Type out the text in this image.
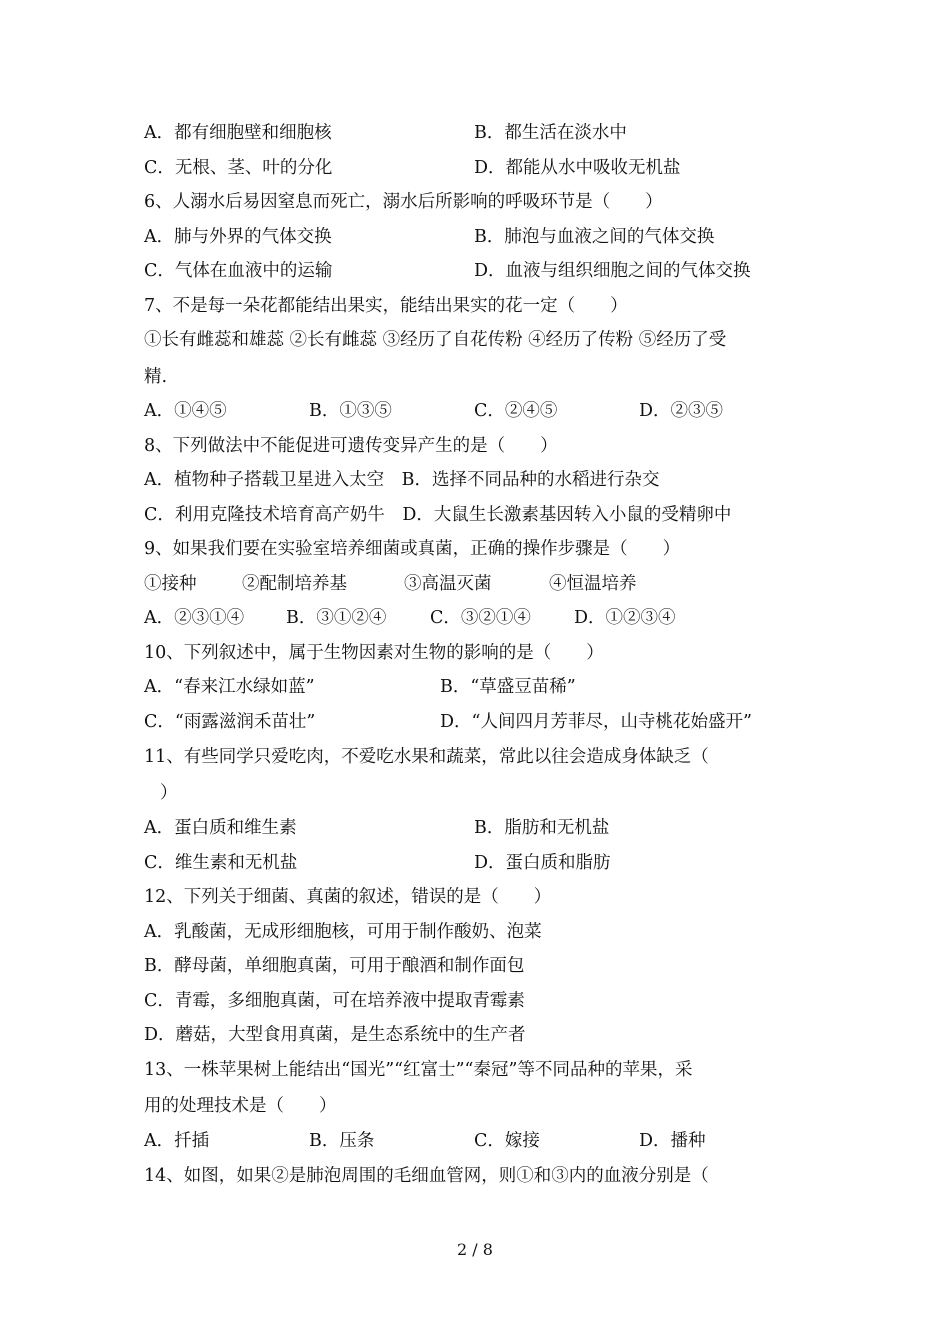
A．都有细胞壁和细胞核	B．都生活在淡水中
C．无根、茎、叶的分化	D．都能从水中吸收无机盐
6、人溺水后易因窒息而死亡，溺水后所影响的呼吸环节是（　　）
A．肺与外界的气体交换	B．肺泡与血液之间的气体交换
C．气体在血液中的运输	D．血液与组织细胞之间的气体交换
7、不是每一朵花都能结出果实，能结出果实的花一定（　　）
①长有雌蕊和雄蕊 ②长有雌蕊 ③经历了自花传粉 ④经历了传粉 ⑤经历了受
精.
A．①④⑤	B．①③⑤	C．②④⑤	D．②③⑤
8、下列做法中不能促进可遗传变异产生的是（　　）
A．植物种子搭载卫星进入太空　B．选择不同品种的水稻进行杂交
C．利用克隆技术培育高产奶牛　D．大鼠生长激素基因转入小鼠的受精卵中
9、如果我们要在实验室培养细菌或真菌，正确的操作步骤是（　　）
①接种	②配制培养基	③高温灭菌	④恒温培养
A．②③①④ B．③①②④ C．③②①④ D．①②③④
10、下列叙述中，属于生物因素对生物的影响的是（　　）
A．“春来江水绿如蓝”	B．“草盛豆苗稀”
C．“雨露滋润禾苗壮”	D．“人间四月芳菲尽，山寺桃花始盛开”
11、有些同学只爱吃肉，不爱吃水果和蔬菜，常此以往会造成身体缺乏（
）
A．蛋白质和维生素	B．脂肪和无机盐
C．维生素和无机盐	D．蛋白质和脂肪
12、下列关于细菌、真菌的叙述，错误的是（　　）
A．乳酸菌，无成形细胞核，可用于制作酸奶、泡菜
B．酵母菌，单细胞真菌，可用于酿酒和制作面包
C．青霉，多细胞真菌，可在培养液中提取青霉素
D．蘑菇，大型食用真菌，是生态系统中的生产者
13、一株苹果树上能结出“国光”“红富士”“秦冠”等不同品种的苹果，采
用的处理技术是（　　）
A．扦插	B．压条	C．嫁接	D．播种
14、如图，如果②是肺泡周围的毛细血管网，则①和③内的血液分别是（
2 / 8
